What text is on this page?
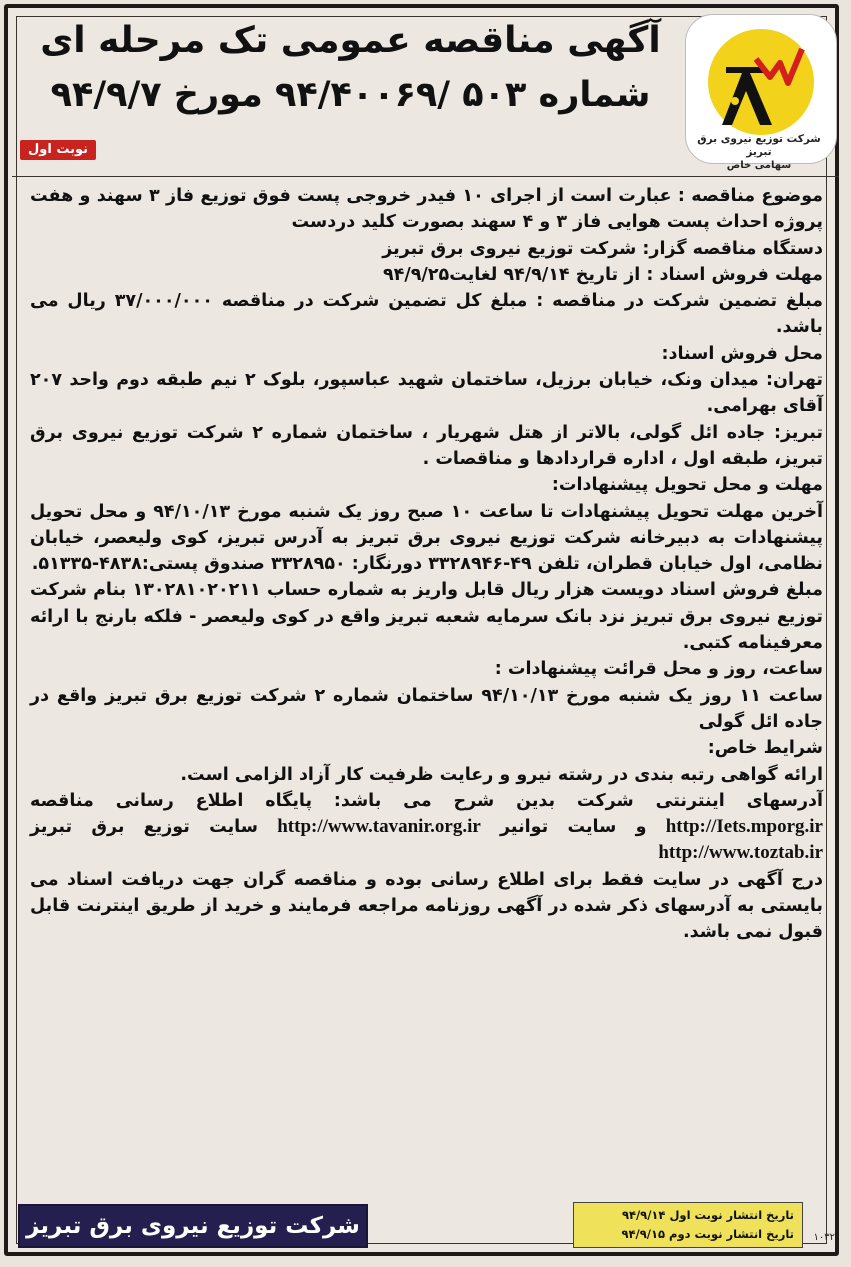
شرکت توزیع نیروی برق تبریز
سهامی خاص
آگهی مناقصه عمومی تک مرحله ای
شماره ۵۰۳ /۹۴/۴۰۰۶۹ مورخ ۹۴/۹/۷
نوبت اول

موضوع مناقصه : عبارت است از اجرای ۱۰ فیدر خروجی پست فوق توزیع فاز ۳ سهند و هفت پروژه احداث پست هوایی فاز ۳ و ۴ سهند بصورت کلید دردست

دستگاه مناقصه گزار: شرکت توزیع نیروی برق تبریز

مهلت فروش اسناد : از تاریخ ۹۴/۹/۱۴ لغایت۹۴/۹/۲۵

مبلغ تضمین شرکت در مناقصه : مبلغ کل تضمین شرکت در مناقصه ۳۷/۰۰۰/۰۰۰ ریال می باشد.

محل فروش اسناد:

تهران: میدان ونک، خیابان برزیل، ساختمان شهید عباسپور، بلوک ۲ نیم طبقه دوم واحد ۲۰۷ آقای بهرامی.

تبریز: جاده ائل گولی، بالاتر از هتل شهریار ، ساختمان شماره ۲ شرکت توزیع نیروی برق تبریز، طبقه اول ، اداره قراردادها و مناقصات .

مهلت و محل تحویل پیشنهادات:

آخرین مهلت تحویل پیشنهادات تا ساعت ۱۰ صبح روز یک شنبه مورخ ۹۴/۱۰/۱۳ و محل تحویل پیشنهادات به دبیرخانه شرکت توزیع نیروی برق تبریز به آدرس تبریز، کوی ولیعصر، خیابان نظامی، اول خیابان قطران، تلفن ۴۹-۳۳۲۸۹۴۶ دورنگار: ۳۳۲۸۹۵۰ صندوق پستی:۴۸۳۸-۵۱۳۳۵.

مبلغ فروش اسناد دویست هزار ریال قابل واریز به شماره حساب ۱۳۰۲۸۱۰۲۰۲۱۱ بنام شرکت توزیع نیروی برق تبریز نزد بانک سرمایه شعبه تبریز واقع در کوی ولیعصر - فلکه بارنج با ارائه معرفینامه کتبی.

ساعت، روز و محل قرائت پیشنهادات :

ساعت ۱۱ روز یک شنبه مورخ ۹۴/۱۰/۱۳ ساختمان شماره ۲ شرکت توزیع برق تبریز واقع در جاده ائل گولی

شرایط خاص:

ارائه گواهی رتبه بندی در رشته نیرو و رعایت ظرفیت کار آزاد الزامی است.

آدرسهای اینترنتی شرکت بدین شرح می باشد: پایگاه اطلاع رسانی مناقصه http://Iets.mporg.ir و سایت توانیر http://www.tavanir.org.ir سایت توزیع برق تبریز http://www.toztab.ir

درج آگهی در سایت فقط برای اطلاع رسانی بوده و مناقصه گران جهت دریافت اسناد می بایستی به آدرسهای ذکر شده در آگهی روزنامه مراجعه فرمایند و خرید از طریق اینترنت قابل قبول نمی باشد.

شرکت توزیع نیروی برق تبریز	تاریخ انتشار نوبت اول ۹۴/۹/۱۴
تاریخ انتشار نوبت دوم ۹۴/۹/۱۵ ۱۰۳۲
